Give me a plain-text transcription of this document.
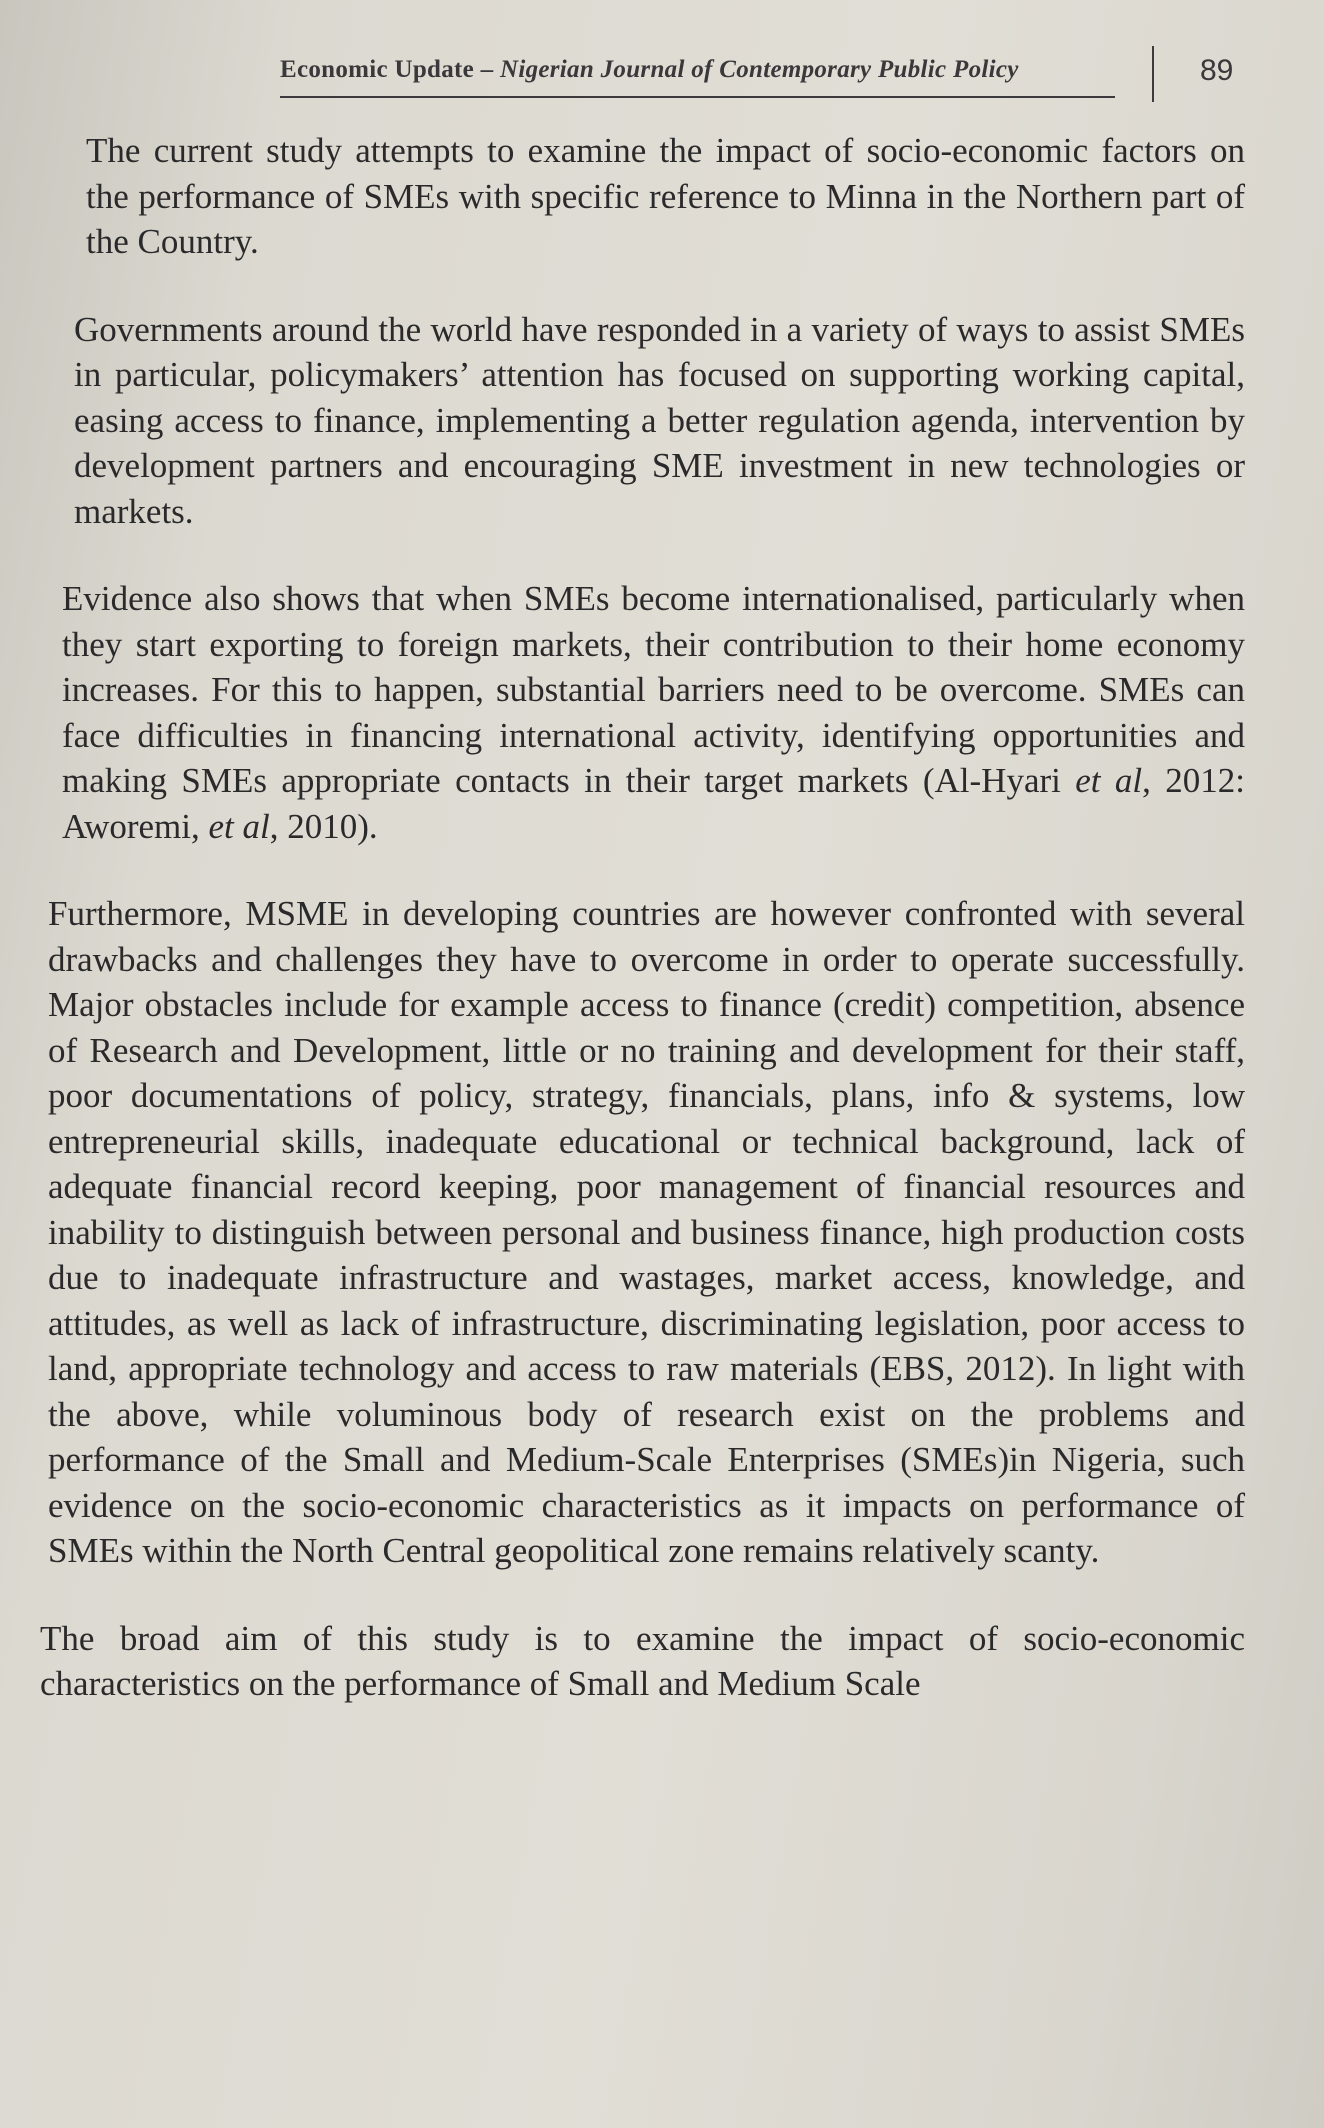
Economic Update – Nigerian Journal of Contemporary Public Policy	89

The current study attempts to examine the impact of socio-economic factors on the performance of SMEs with specific reference to Minna in the Northern part of the Country.

Governments around the world have responded in a variety of ways to assist SMEs in particular, policymakers’ attention has focused on supporting working capital, easing access to finance, implementing a better regulation agenda, intervention by development partners and encouraging SME investment in new technologies or markets.

Evidence also shows that when SMEs become internationalised, particularly when they start exporting to foreign markets, their contribution to their home economy increases. For this to happen, substantial barriers need to be overcome. SMEs can face difficulties in financing international activity, identifying opportunities and making SMEs appropriate contacts in their target markets (Al-Hyari et al, 2012: Aworemi, et al, 2010).

Furthermore, MSME in developing countries are however confronted with several drawbacks and challenges they have to overcome in order to operate successfully. Major obstacles include for example access to finance (credit) competition, absence of Research and Development, little or no training and development for their staff, poor documentations of policy, strategy, financials, plans, info & systems, low entrepreneurial skills, inadequate educational or technical background, lack of adequate financial record keeping, poor management of financial resources and inability to distinguish between personal and business finance, high production costs due to inadequate infrastructure and wastages, market access, knowledge, and attitudes, as well as lack of infrastructure, discriminating legislation, poor access to land, appropriate technology and access to raw materials (EBS, 2012). In light with the above, while voluminous body of research exist on the problems and performance of the Small and Medium-Scale Enterprises (SMEs)in Nigeria, such evidence on the socio-economic characteristics as it impacts on performance of SMEs within the North Central geopolitical zone remains relatively scanty.

The broad aim of this study is to examine the impact of socio-economic characteristics on the performance of Small and Medium Scale
